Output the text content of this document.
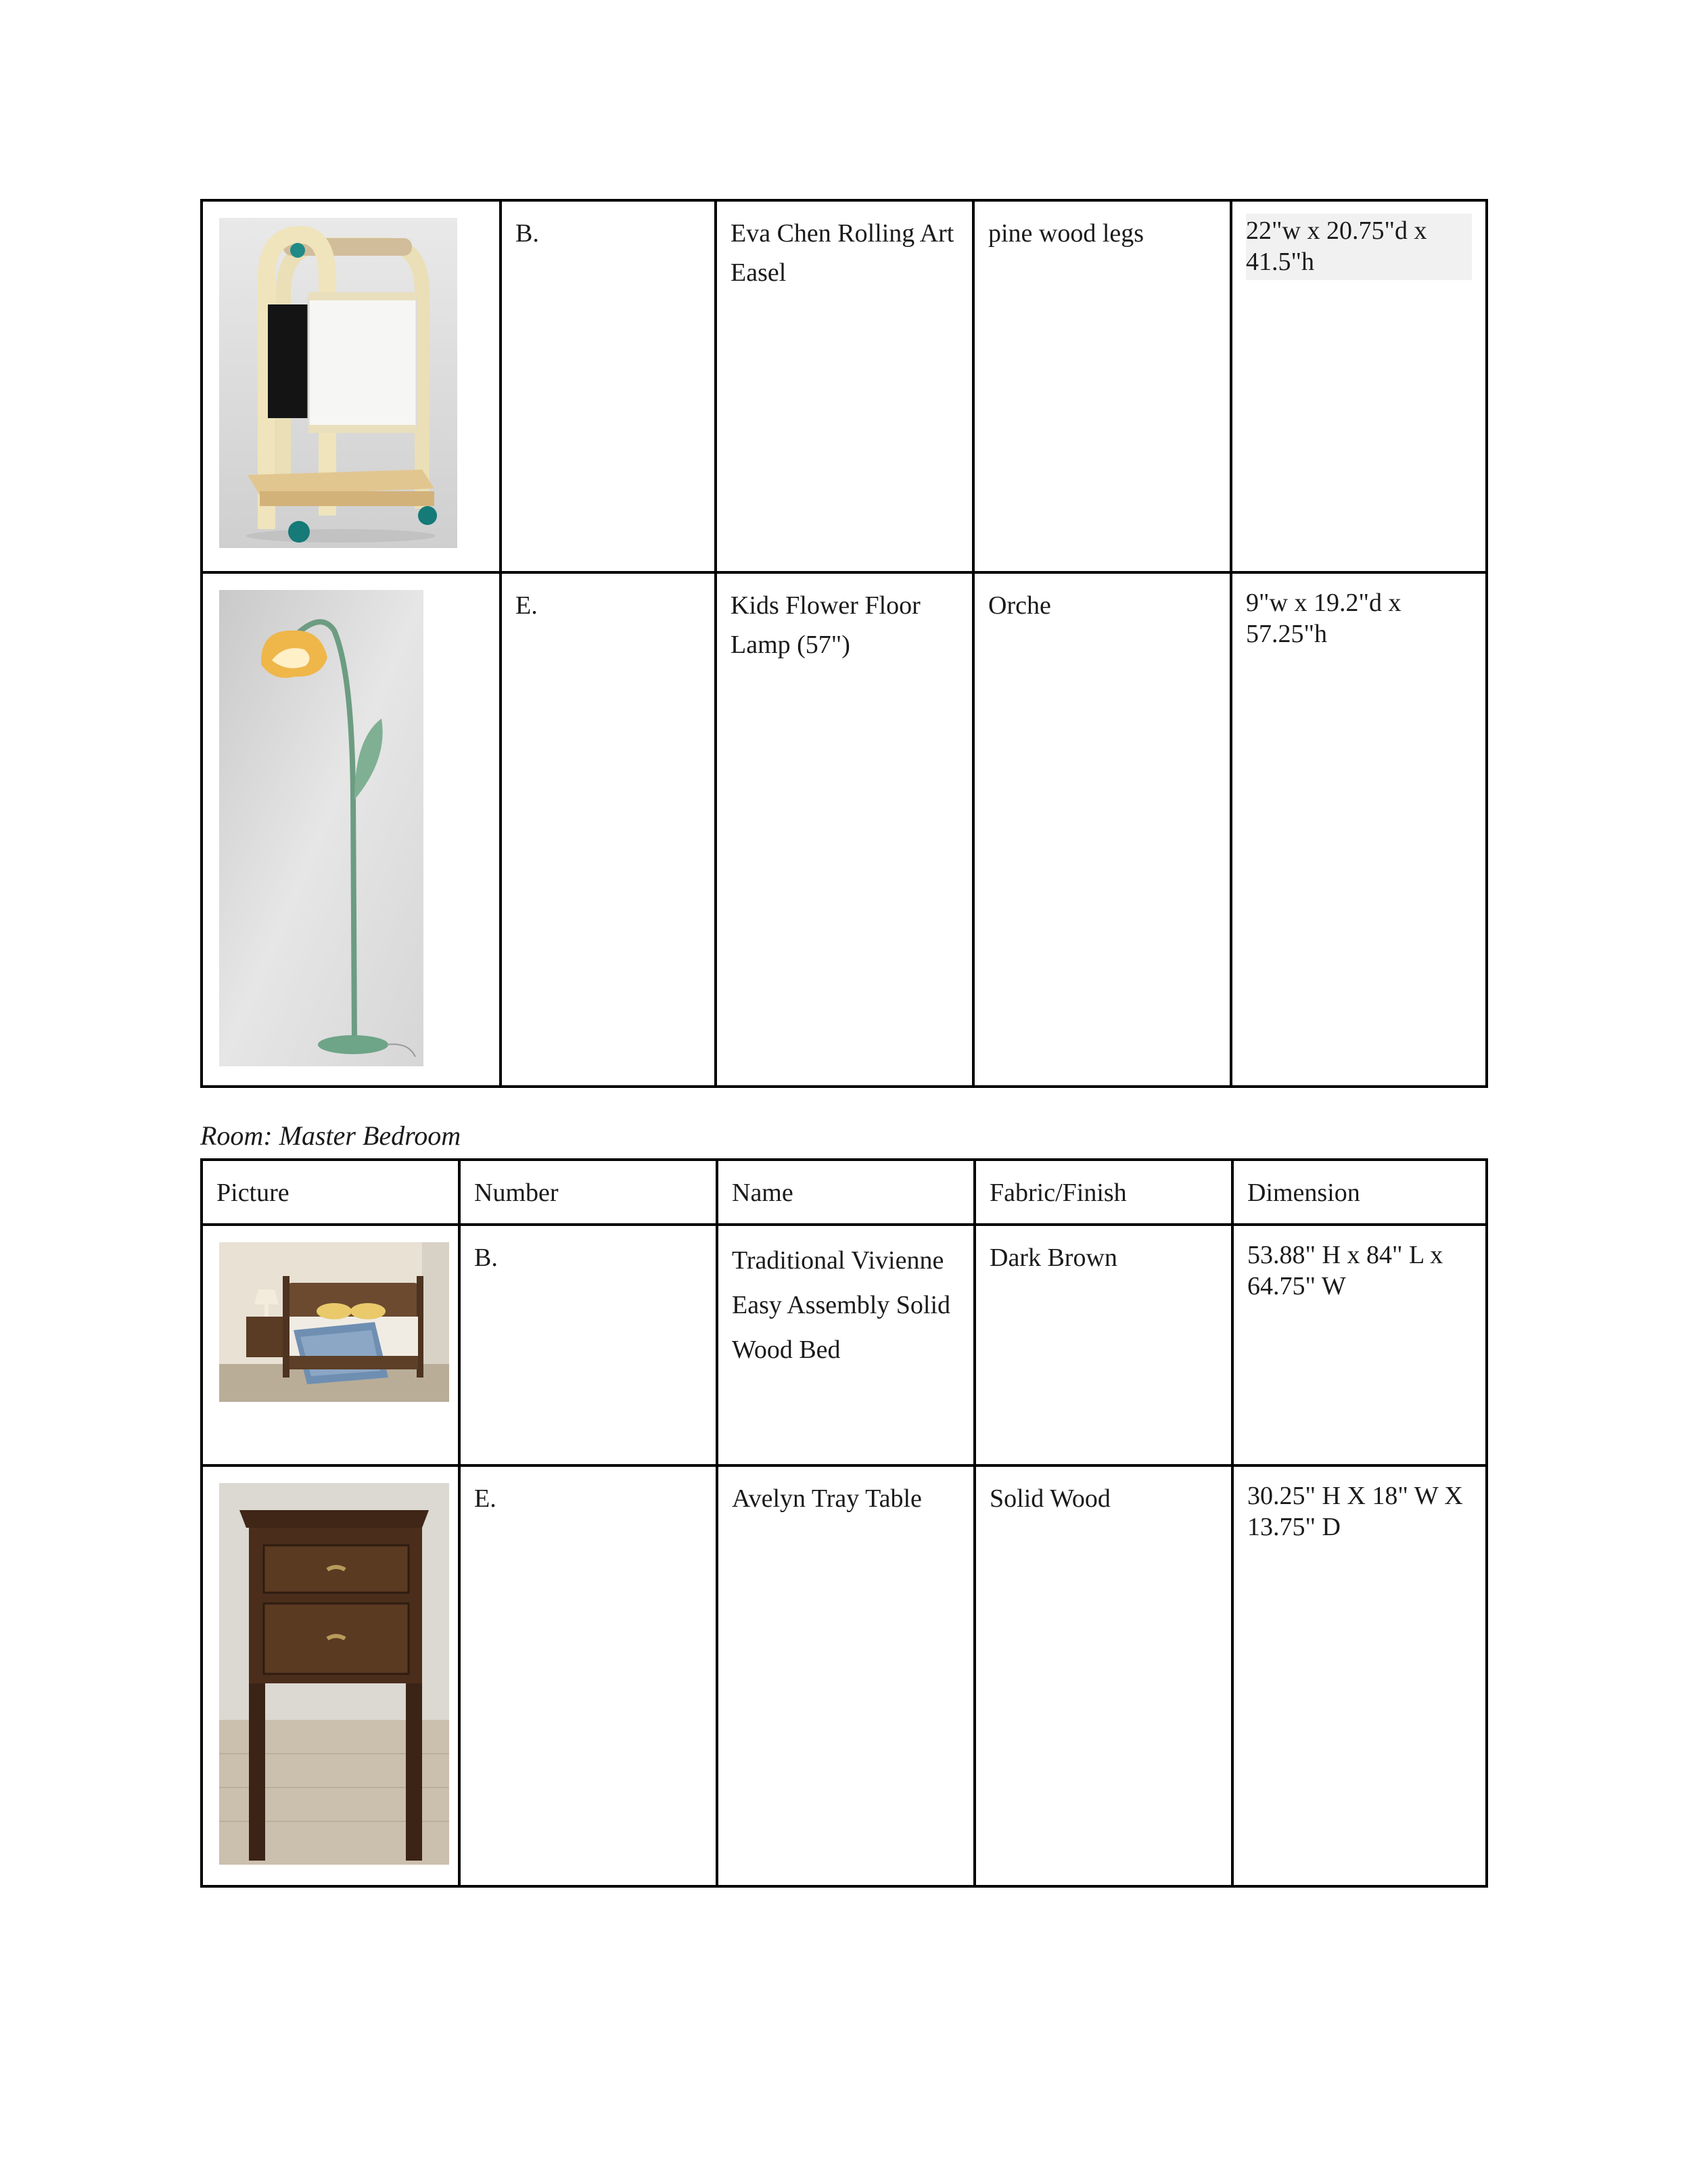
	B.	Eva Chen Rolling Art Easel	pine wood legs	22"w x 20.75"d x 41.5"h

	E.	Kids Flower Floor Lamp (57")	Orche	9"w x 19.2"d x 57.25"h
Room: Master Bedroom
Picture	Number	Name	Fabric/Finish	Dimension

	B.	Traditional Vivienne Easy Assembly Solid Wood Bed	Dark Brown	53.88" H x 84" L x 64.75" W

	E.	Avelyn Tray Table	Solid Wood	30.25" H X 18" W X 13.75" D
